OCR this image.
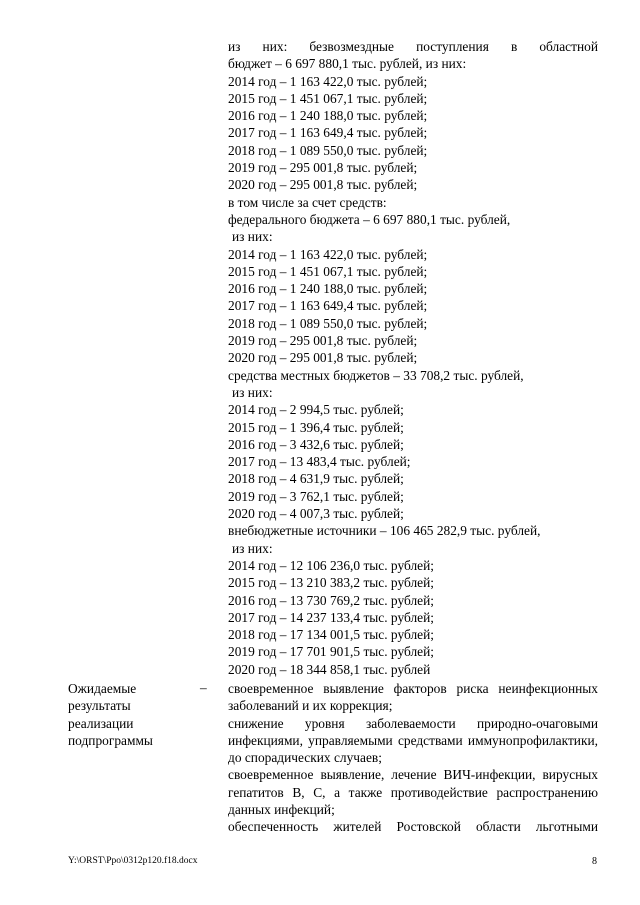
из них: безвозмездные поступления в областной
бюджет – 6 697 880,1 тыс. рублей, из них:
2014 год – 1 163 422,0 тыс. рублей;
2015 год – 1 451 067,1 тыс. рублей;
2016 год – 1 240 188,0 тыс. рублей;
2017 год – 1 163 649,4 тыс. рублей;
2018 год – 1 089 550,0 тыс. рублей;
2019 год – 295 001,8 тыс. рублей;
2020 год – 295 001,8 тыс. рублей;
в том числе за счет средств:
федерального бюджета – 6 697 880,1 тыс. рублей,
из них:
2014 год – 1 163 422,0 тыс. рублей;
2015 год – 1 451 067,1 тыс. рублей;
2016 год – 1 240 188,0 тыс. рублей;
2017 год – 1 163 649,4 тыс. рублей;
2018 год – 1 089 550,0 тыс. рублей;
2019 год – 295 001,8 тыс. рублей;
2020 год – 295 001,8 тыс. рублей;
средства местных бюджетов – 33 708,2 тыс. рублей,
из них:
2014 год – 2 994,5 тыс. рублей;
2015 год – 1 396,4 тыс. рублей;
2016 год – 3 432,6 тыс. рублей;
2017 год – 13 483,4 тыс. рублей;
2018 год – 4 631,9 тыс. рублей;
2019 год – 3 762,1 тыс. рублей;
2020 год – 4 007,3 тыс. рублей;
внебюджетные источники – 106 465 282,9 тыс. рублей,
из них:
2014 год – 12 106 236,0 тыс. рублей;
2015 год – 13 210 383,2 тыс. рублей;
2016 год – 13 730 769,2 тыс. рублей;
2017 год – 14 237 133,4 тыс. рублей;
2018 год – 17 134 001,5 тыс. рублей;
2019 год – 17 701 901,5 тыс. рублей;
2020 год – 18 344 858,1 тыс. рублей
Ожидаемые
результаты
реализации
подпрограммы
– своевременное выявление факторов риска неинфекционных заболеваний и их коррекция;

снижение уровня заболеваемости природно-очаговыми инфекциями, управляемыми средствами иммунопрофилактики, до спорадических случаев;

своевременное выявление, лечение ВИЧ-инфекции, вирусных гепатитов В, С, а также противодействие распространению данных инфекций;

обеспеченность жителей Ростовской области льготными

Y:\ORST\Ppo\0312p120.f18.docx	8
